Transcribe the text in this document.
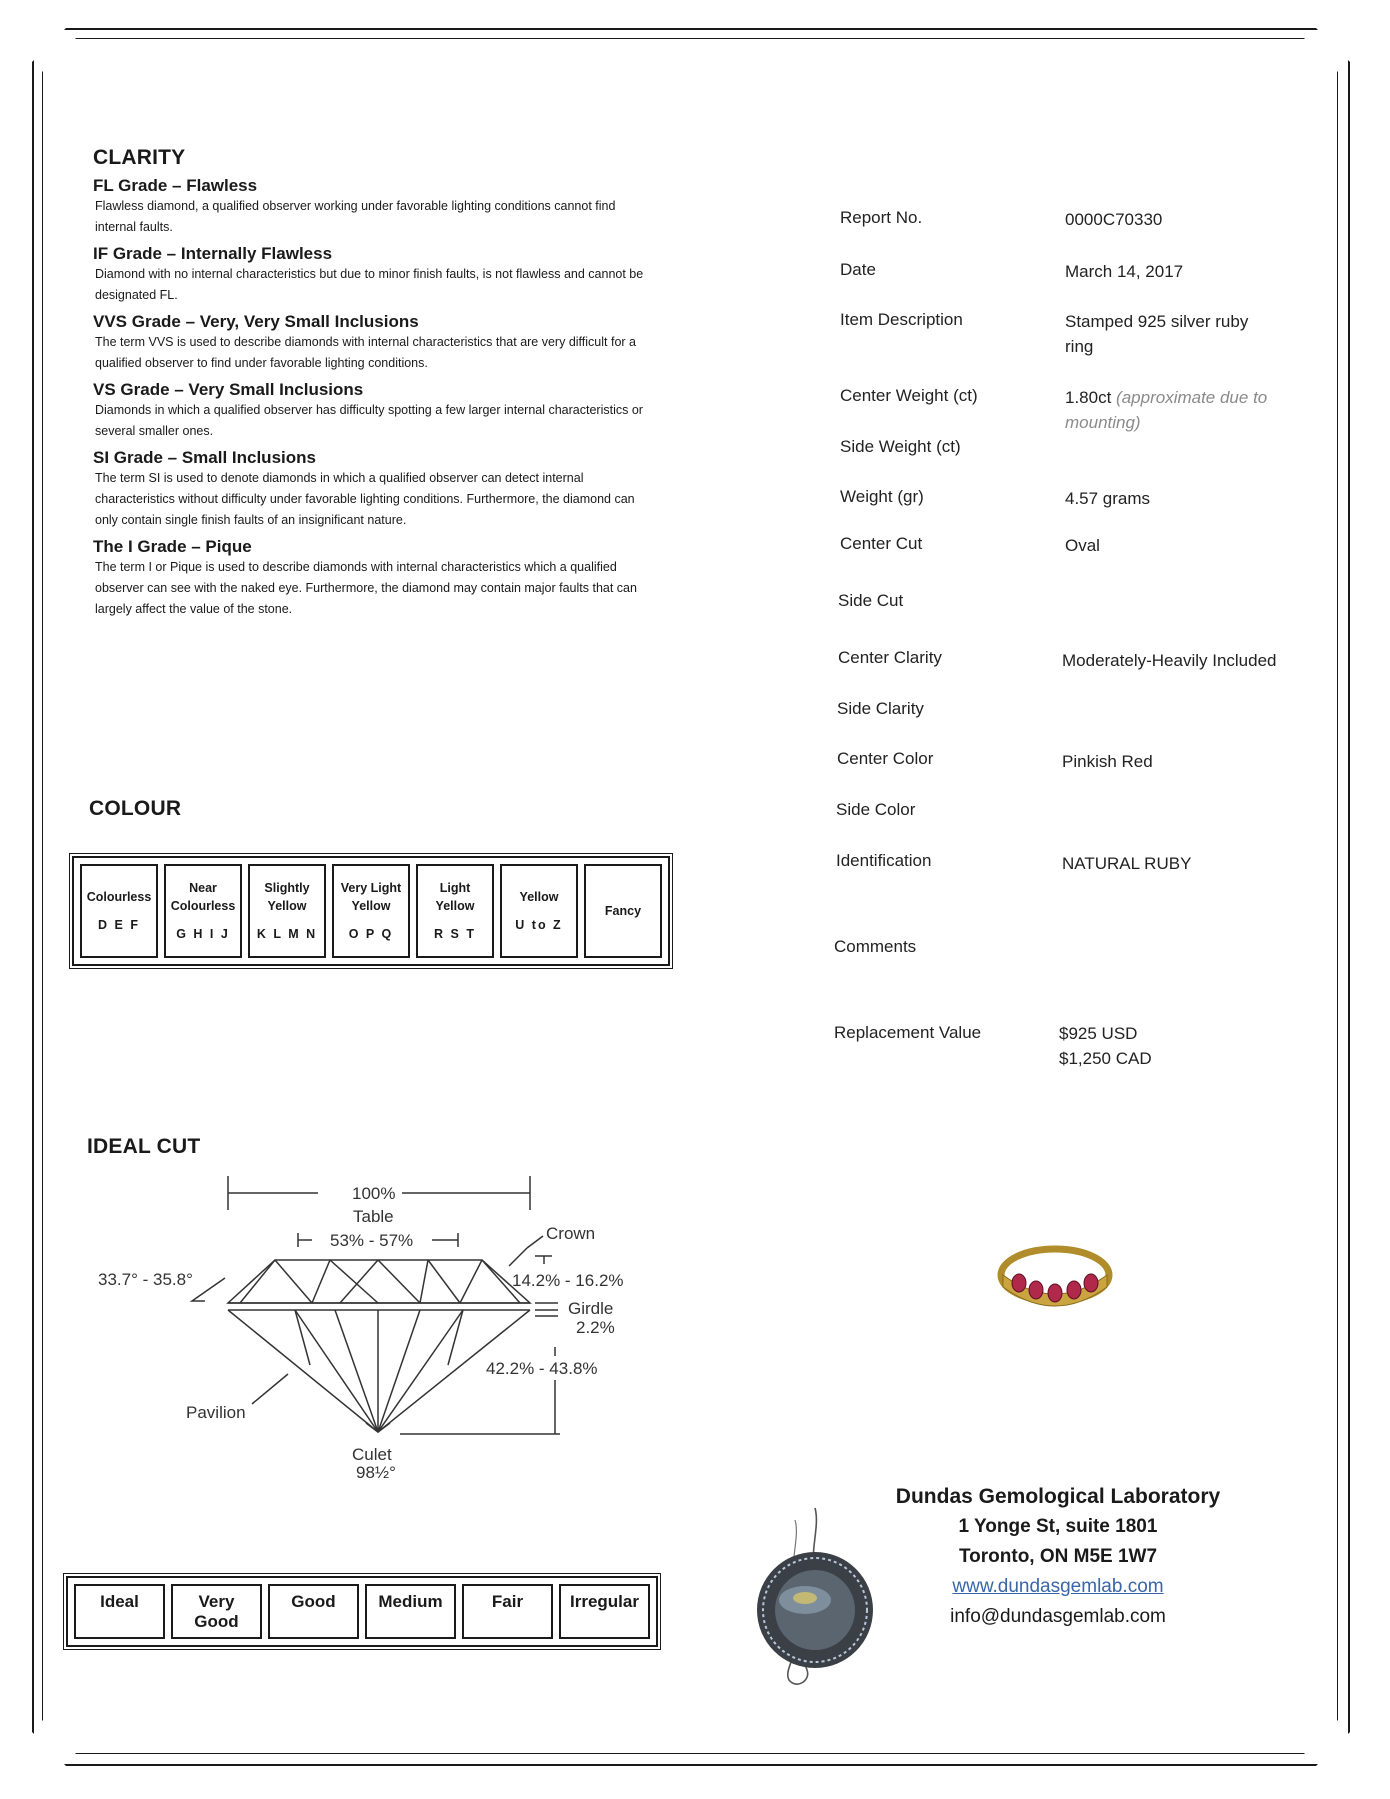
CLARITY
FL Grade – Flawless
Flawless diamond, a qualified observer working under favorable lighting conditions cannot find internal faults.
IF Grade – Internally Flawless
Diamond with no internal characteristics but due to minor finish faults, is not flawless and cannot be designated FL.
VVS Grade – Very, Very Small Inclusions
The term VVS is used to describe diamonds with internal characteristics that are very difficult for a qualified observer to find under favorable lighting conditions.
VS Grade – Very Small Inclusions
Diamonds in which a qualified observer has difficulty spotting a few larger internal characteristics or several smaller ones.
SI Grade – Small Inclusions
The term SI is used to denote diamonds in which a qualified observer can detect internal characteristics without difficulty under favorable lighting conditions. Furthermore, the diamond can only contain single finish faults of an insignificant nature.
The I Grade – Pique
The term I or Pique is used to describe diamonds with internal characteristics which a qualified observer can see with the naked eye. Furthermore, the diamond may contain major faults that can largely affect the value of the stone.
COLOUR
Colourless
D E F
	Near Colourless
G H I J
	Slightly Yellow
K L M N
	Very Light Yellow
O P Q
	Light Yellow
R S T
	Yellow
U to Z
	Fancy
IDEAL CUT
100%
Table
53% - 57%	Crown
33.7° - 35.8°	14.2% - 16.2%
Girdle
2.2%
42.2% - 43.8%
Pavilion
Culet
98½°
Ideal	Very Good	Good	Medium	Fair	Irregular
Report No.	0000C70330
Date	March 14, 2017
Item Description	Stamped 925 silver ruby ring
Center Weight (ct)	1.80ct (approximate due to mounting)
Side Weight (ct)
Weight (gr)	4.57 grams
Center Cut	Oval
Side Cut
Center Clarity	Moderately-Heavily Included
Side Clarity
Center Color	Pinkish Red
Side Color
Identification	NATURAL RUBY
Comments
Replacement Value	$925 USD
$1,250 CAD
Dundas Gemological Laboratory
1 Yonge St, suite 1801
Toronto, ON M5E 1W7
www.dundasgemlab.com
info@dundasgemlab.com
